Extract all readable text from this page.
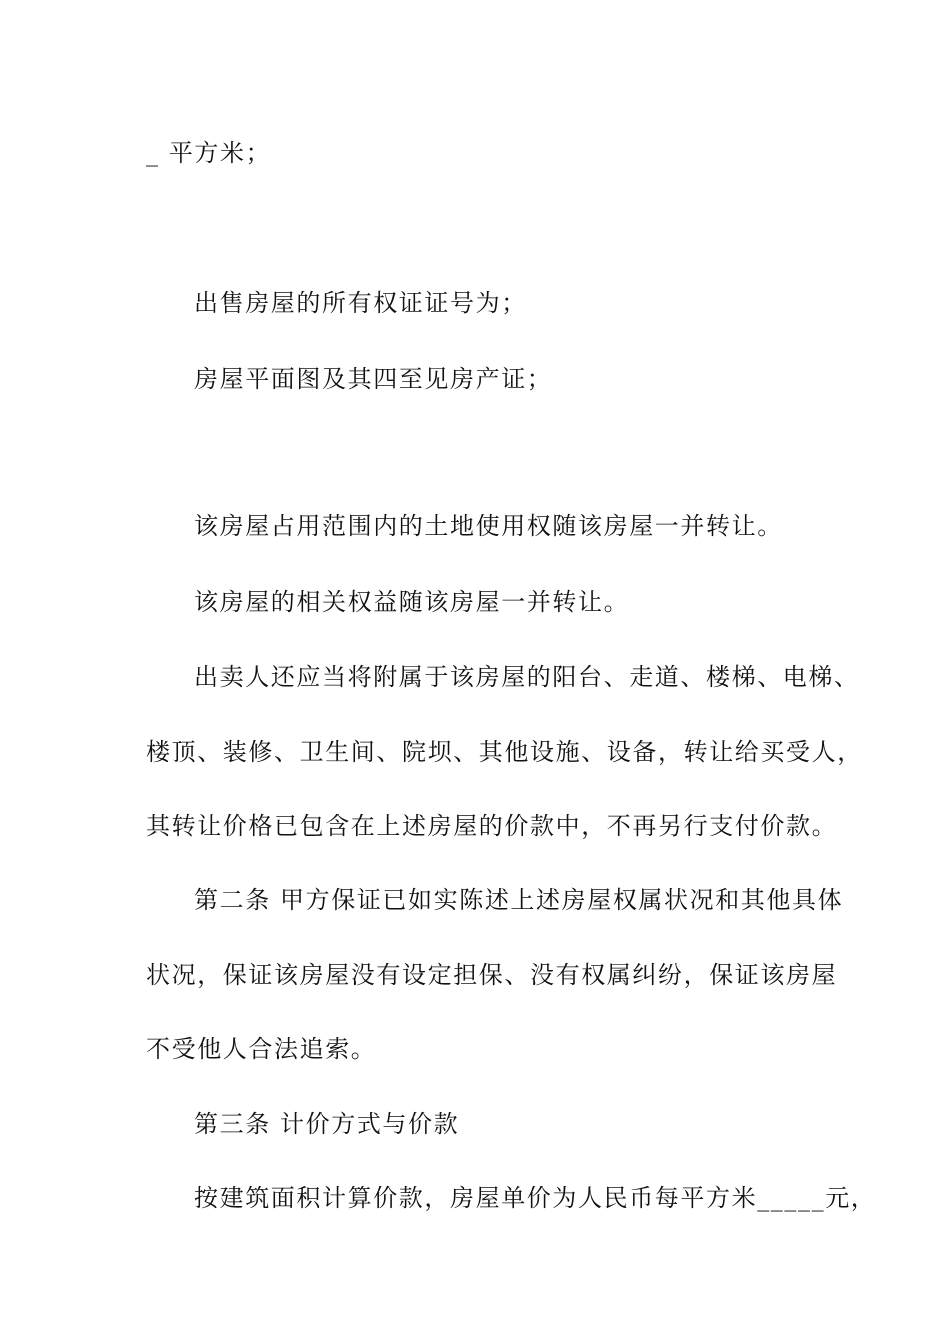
_ 平方米；
出售房屋的所有权证证号为；
房屋平面图及其四至见房产证；
该房屋占用范围内的土地使用权随该房屋一并转让。
该房屋的相关权益随该房屋一并转让。
出卖人还应当将附属于该房屋的阳台、走道、楼梯、电梯、
楼顶、装修、卫生间、院坝、其他设施、设备，转让给买受人，
其转让价格已包含在上述房屋的价款中，不再另行支付价款。
第二条 甲方保证已如实陈述上述房屋权属状况和其他具体
状况，保证该房屋没有设定担保、没有权属纠纷，保证该房屋
不受他人合法追索。
第三条 计价方式与价款
按建筑面积计算价款，房屋单价为人民币每平方米_____元，
